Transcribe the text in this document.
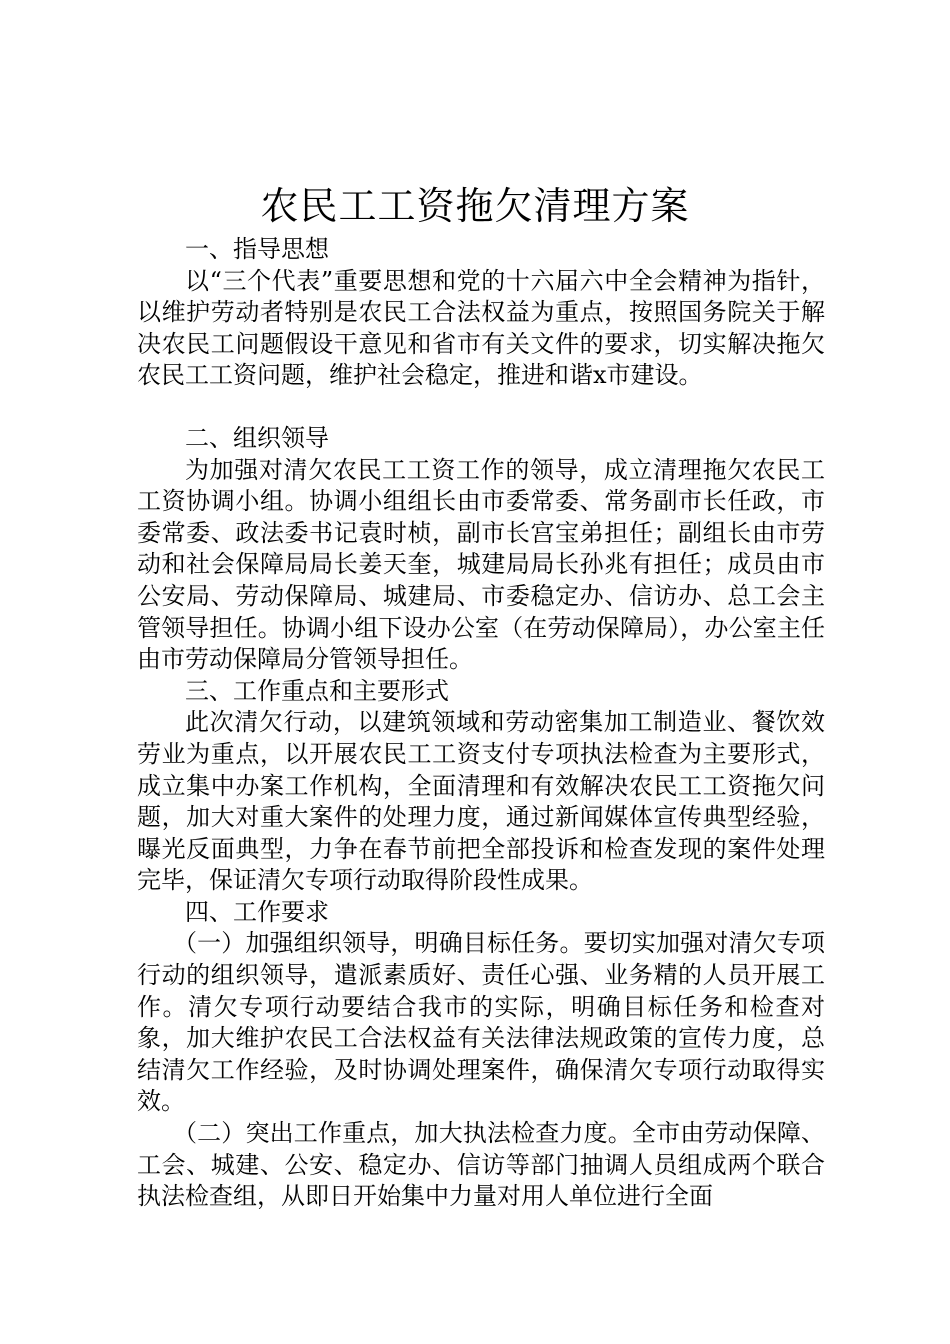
农民工工资拖欠清理方案

一、指导思想

以“三个代表”重要思想和党的十六届六中全会精神为指针，以维护劳动者特别是农民工合法权益为重点，按照国务院关于解决农民工问题假设干意见和省市有关文件的要求，切实解决拖欠农民工工资问题，维护社会稳定，推进和谐x市建设。

二、组织领导

为加强对清欠农民工工资工作的领导，成立清理拖欠农民工工资协调小组。协调小组组长由市委常委、常务副市长任政，市委常委、政法委书记袁时桢，副市长宫宝弟担任；副组长由市劳动和社会保障局局长姜天奎，城建局局长孙兆有担任；成员由市公安局、劳动保障局、城建局、市委稳定办、信访办、总工会主管领导担任。协调小组下设办公室（在劳动保障局），办公室主任由市劳动保障局分管领导担任。

三、工作重点和主要形式

此次清欠行动，以建筑领域和劳动密集加工制造业、餐饮效劳业为重点，以开展农民工工资支付专项执法检查为主要形式，成立集中办案工作机构，全面清理和有效解决农民工工资拖欠问题，加大对重大案件的处理力度，通过新闻媒体宣传典型经验，曝光反面典型，力争在春节前把全部投诉和检查发现的案件处理完毕，保证清欠专项行动取得阶段性成果。

四、工作要求

（一）加强组织领导，明确目标任务。要切实加强对清欠专项行动的组织领导，遣派素质好、责任心强、业务精的人员开展工作。清欠专项行动要结合我市的实际，明确目标任务和检查对象，加大维护农民工合法权益有关法律法规政策的宣传力度，总结清欠工作经验，及时协调处理案件，确保清欠专项行动取得实效。

（二）突出工作重点，加大执法检查力度。全市由劳动保障、工会、城建、公安、稳定办、信访等部门抽调人员组成两个联合执法检查组，从即日开始集中力量对用人单位进行全面
